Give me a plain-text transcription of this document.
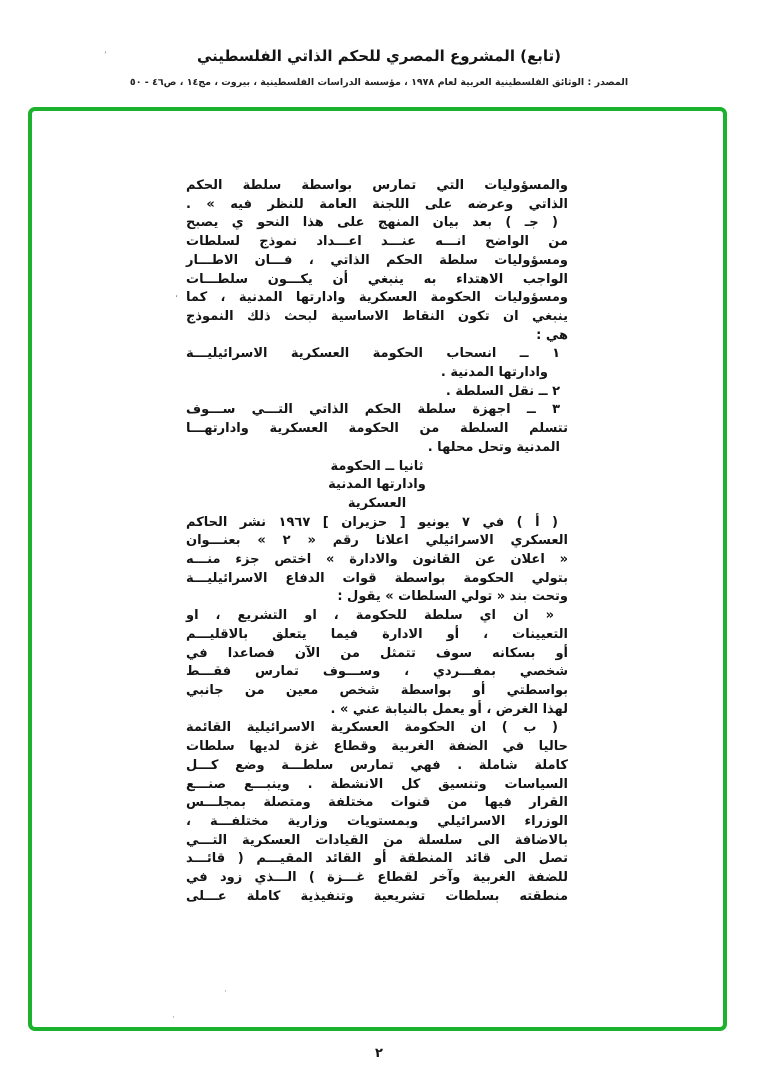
(تابع) المشروع المصري للحكم الذاتي الفلسطيني
المصدر : الوثائق الفلسطينية العربية لعام ١٩٧٨ ، مؤسسة الدراسات الفلسطينية ، بيروت ، مج١٤ ، ص٤٦ - ٥٠
والمسؤوليات التي تمارس بواسطة سلطة الحكم
الذاتي وعرضه على اللجنة العامة للنظر فيه » .
( جـ ) بعد بيان المنهج على هذا النحو ي يصبح
من الواضح انـــه عنـــد اعـــداد نموذج لسلطات
ومسؤوليات سلطة الحكم الذاتي ، فـــان الاطـــار
الواجب الاهتداء به ينبغي أن يكـــون سلطـــات
ومسؤوليات الحكومة العسكرية وادارتها المدنية ، كما
ينبغي ان تكون النقاط الاساسية لبحث ذلك النموذج
هي :
١ ــ انسحاب الحكومة العسكرية الاسرائيليـــة
وادارتها المدنية .
٢ ــ نقل السلطة .
٣ ــ اجهزة سلطة الحكم الذاتي التـــي ســـوف
تتسلم السلطة من الحكومة العسكرية وادارتهـــا
المدنية وتحل محلها .
ثانيا ــ الحكومة
وادارتها المدنية
العسكرية
( أ ) في ٧ يونيو [ حزيران ] ١٩٦٧ نشر الحاكم
العسكري الاسرائيلي اعلانا رقم « ٢ » بعنـــوان
« اعلان عن القانون والادارة » اختص جزء منـــه
بتولي الحكومة بواسطة قوات الدفاع الاسرائيليـــة
وتحت بند « تولي السلطات » يقول :
« ان اي سلطة للحكومة ، او التشريع ، او
التعيينات ، أو الادارة فيما يتعلق بالاقليـــم
أو بسكانه سوف تتمثل من الآن فصاعدا في
شخصي بمفـــردي ، وســـوف تمارس فقـــط
بواسطتي أو بواسطة شخص معين من جانبي
لهذا الغرض ، أو يعمل بالنيابة عني » .
( ب ) ان الحكومة العسكرية الاسرائيلية القائمة
حاليا في الضفة الغربية وقطاع غزة لديها سلطات
كاملة شاملة . فهي تمارس سلطـــة وضع كـــل
السياسات وتنسيق كل الانشطة . وينبـــع صنـــع
القرار فيها من قنوات مختلفة ومتصلة بمجلـــس
الوزراء الاسرائيلي وبمستويات وزارية مختلفـــة ،
بالاضافة الى سلسلة من القيادات العسكرية التـــي
تصل الى قائد المنطقة أو القائد المقيـــم ( قائـــد
للضفة الغربية وآخر لقطاع غـــزة ) الـــذي زود في
منطقته بسلطات تشريعية وتنفيذية كاملة عـــلى
٢
ʼ
،
·
·
